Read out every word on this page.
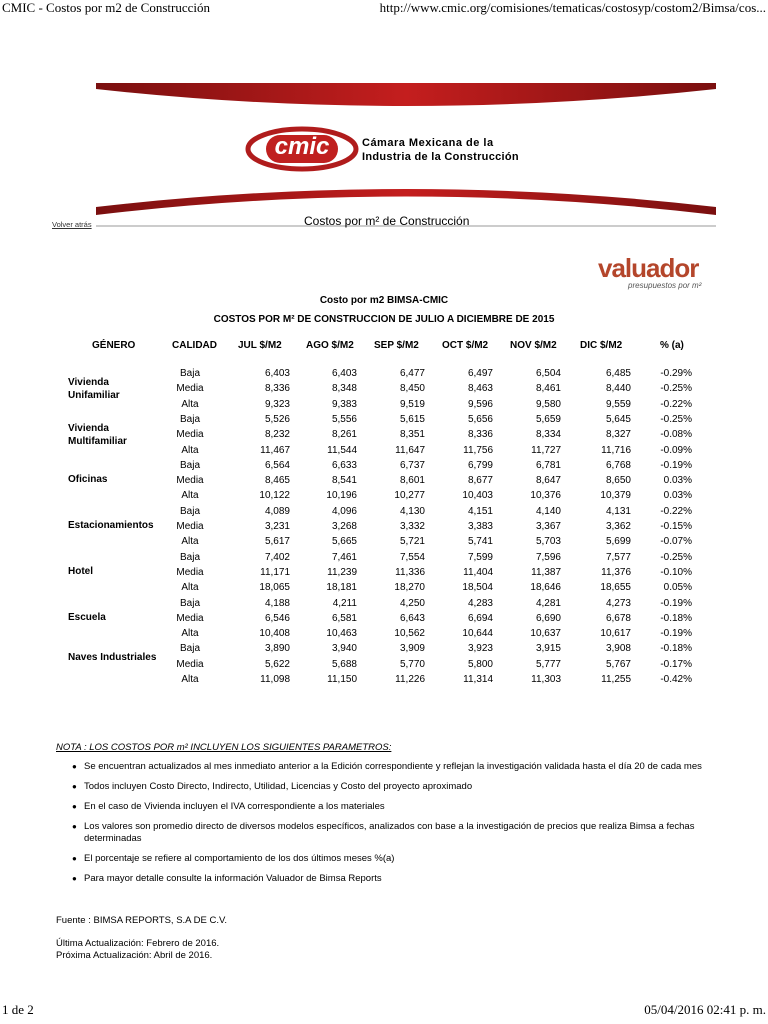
CMIC - Costos por m2 de Construcción	http://www.cmic.org/comisiones/tematicas/costosyp/costom2/Bimsa/cos...
cmic	Cámara Mexicana de la
Industria de la Construcción
Costos por m² de Construcción
Volver atrás
valuador
presupuestos por m²
Costo por m2 BIMSA-CMIC
COSTOS POR M² DE CONSTRUCCION DE JULIO A DICIEMBRE DE 2015
GÉNERO	CALIDAD JUL $/M2 AGO $/M2 SEP $/M2 OCT $/M2 NOV $/M2 DIC $/M2	% (a)
Vivienda Unifamiliar
Baja	6,403	6,403	6,477	6,497	6,504	6,485	-0.29%
Media	8,336	8,348	8,450	8,463	8,461	8,440	-0.25%
Alta	9,323	9,383	9,519	9,596	9,580	9,559	-0.22%
Vivienda Multifamiliar
Baja	5,526	5,556	5,615	5,656	5,659	5,645	-0.25%
Media	8,232	8,261	8,351	8,336	8,334	8,327	-0.08%
Alta	11,467	11,544	11,647	11,756	11,727	11,716	-0.09%
Oficinas
Baja	6,564	6,633	6,737	6,799	6,781	6,768	-0.19%
Media	8,465	8,541	8,601	8,677	8,647	8,650	0.03%
Alta	10,122	10,196	10,277	10,403	10,376	10,379	0.03%
Estacionamientos
Baja	4,089	4,096	4,130	4,151	4,140	4,131	-0.22%
Media	3,231	3,268	3,332	3,383	3,367	3,362	-0.15%
Alta	5,617	5,665	5,721	5,741	5,703	5,699	-0.07%
Hotel
Baja	7,402	7,461	7,554	7,599	7,596	7,577	-0.25%
Media	11,171	11,239	11,336	11,404	11,387	11,376	-0.10%
Alta	18,065	18,181	18,270	18,504	18,646	18,655	0.05%
Escuela
Baja	4,188	4,211	4,250	4,283	4,281	4,273	-0.19%
Media	6,546	6,581	6,643	6,694	6,690	6,678	-0.18%
Alta	10,408	10,463	10,562	10,644	10,637	10,617	-0.19%
Naves Industriales
Baja	3,890	3,940	3,909	3,923	3,915	3,908	-0.18%
Media	5,622	5,688	5,770	5,800	5,777	5,767	-0.17%
Alta	11,098	11,150	11,226	11,314	11,303	11,255	-0.42%
NOTA : LOS COSTOS POR m² INCLUYEN LOS SIGUIENTES PARAMETROS:
● Se encuentran actualizados al mes inmediato anterior a la Edición correspondiente y reflejan la investigación validada hasta el día 20 de cada mes
● Todos incluyen Costo Directo, Indirecto, Utilidad, Licencias y Costo del proyecto aproximado
● En el caso de Vivienda incluyen el IVA correspondiente a los materiales
● Los valores son promedio directo de diversos modelos específicos, analizados con base a la investigación de precios que realiza Bimsa a fechas determinadas
● El porcentaje se refiere al comportamiento de los dos últimos meses %(a)
● Para mayor detalle consulte la información Valuador de Bimsa Reports
Fuente : BIMSA REPORTS, S.A DE C.V.
Última Actualización: Febrero de 2016.
Próxima Actualización: Abril de 2016.
1 de 2	05/04/2016 02:41 p. m.
